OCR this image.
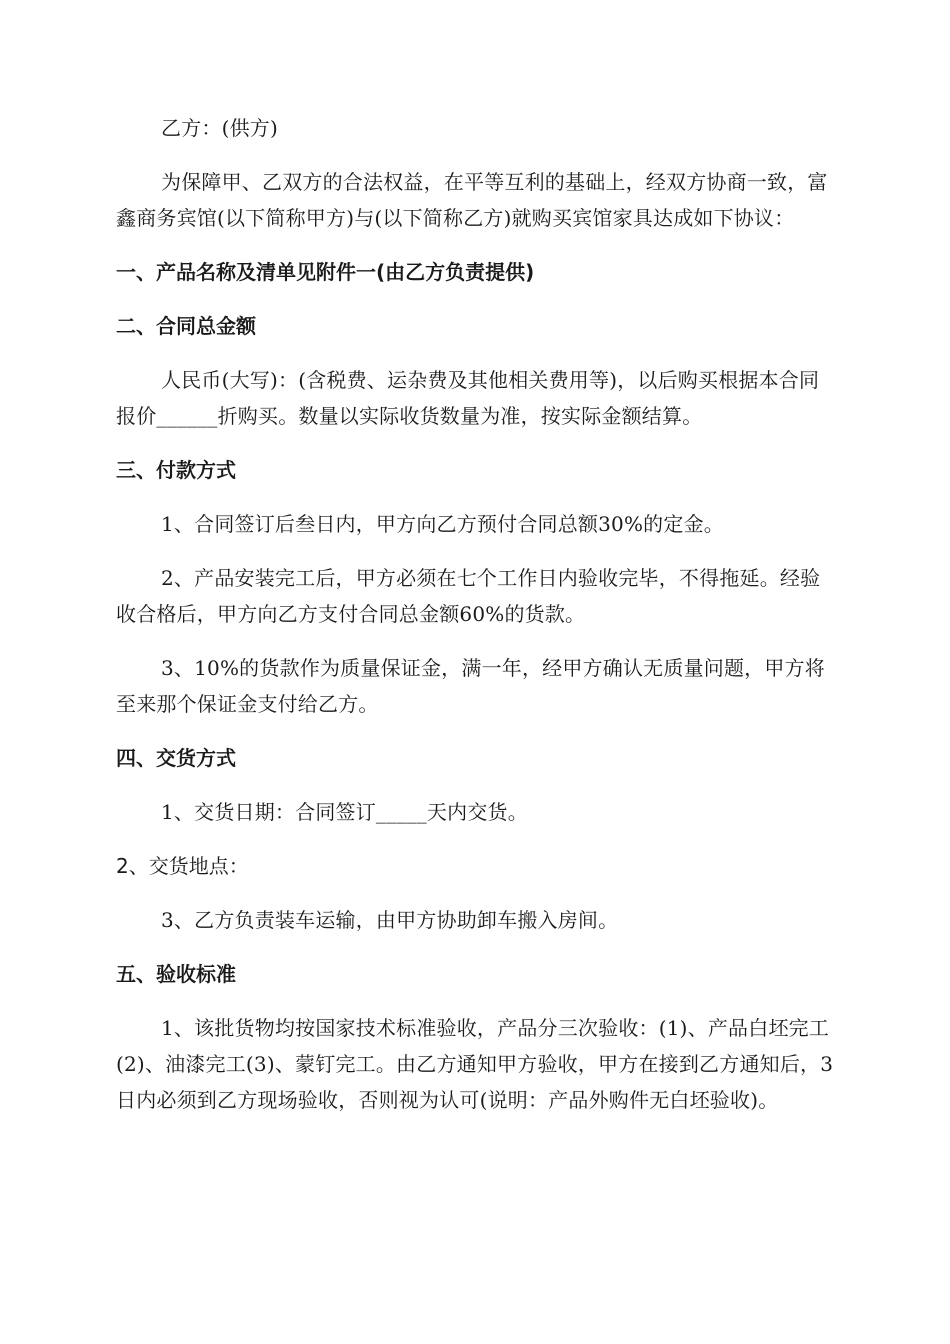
乙方：(供方)

为保障甲、乙双方的合法权益，在平等互利的基础上，经双方协商一致，富鑫商务宾馆(以下简称甲方)与(以下简称乙方)就购买宾馆家具达成如下协议：

一、产品名称及清单见附件一(由乙方负责提供)

二、合同总金额

人民币(大写)：(含税费、运杂费及其他相关费用等)，以后购买根据本合同报价______折购买。数量以实际收货数量为准，按实际金额结算。

三、付款方式

1、合同签订后叁日内，甲方向乙方预付合同总额30%的定金。

2、产品安装完工后，甲方必须在七个工作日内验收完毕，不得拖延。经验收合格后，甲方向乙方支付合同总金额60%的货款。

3、10%的货款作为质量保证金，满一年，经甲方确认无质量问题，甲方将至来那个保证金支付给乙方。

四、交货方式

1、交货日期：合同签订_____天内交货。

2、交货地点：

3、乙方负责装车运输，由甲方协助卸车搬入房间。

五、验收标准

1、该批货物均按国家技术标准验收，产品分三次验收：(1)、产品白坯完工(2)、油漆完工(3)、蒙钉完工。由乙方通知甲方验收，甲方在接到乙方通知后，3日内必须到乙方现场验收，否则视为认可(说明：产品外购件无白坯验收)。
